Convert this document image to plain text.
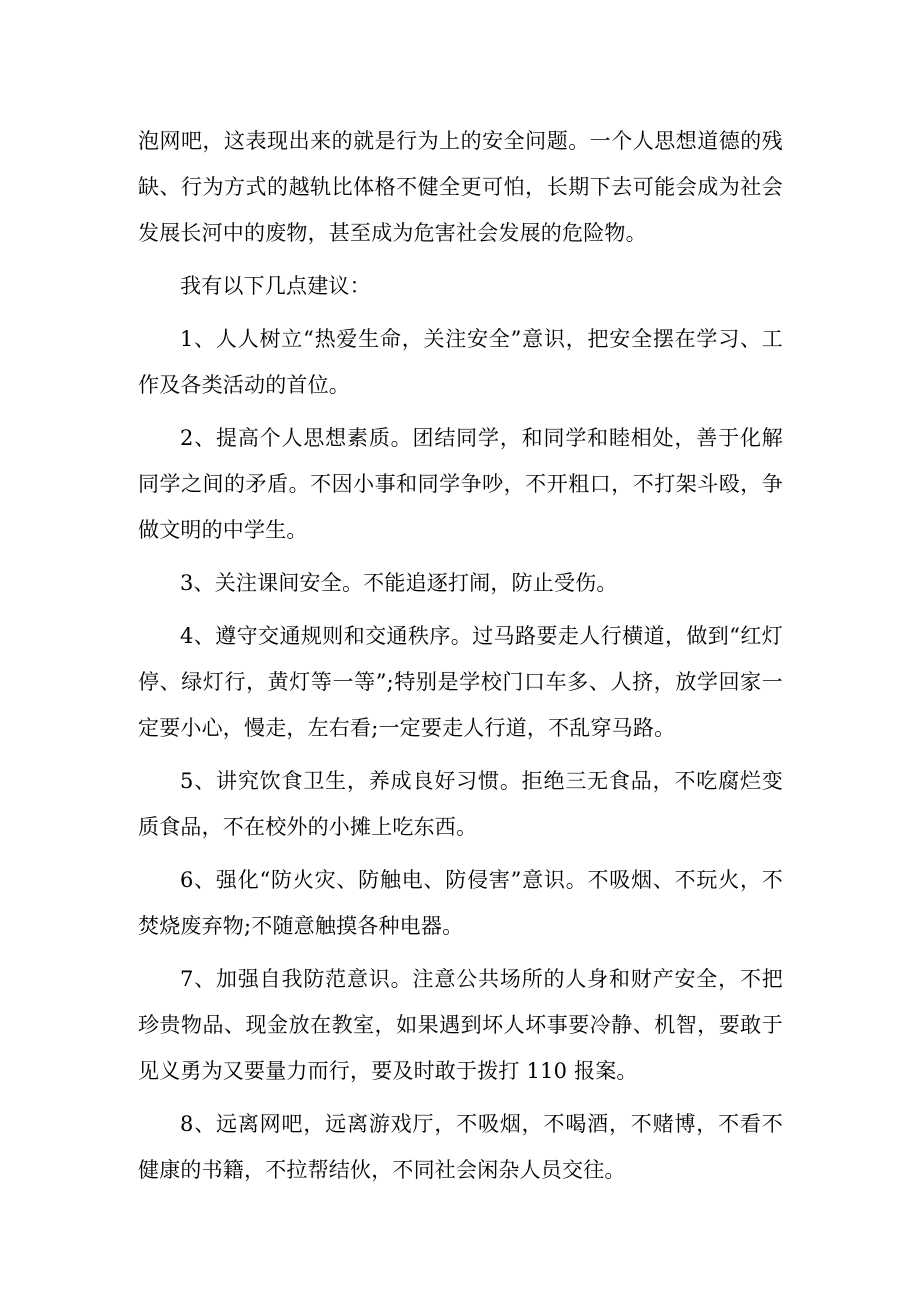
泡网吧，这表现出来的就是行为上的安全问题。一个人思想道德的残缺、行为方式的越轨比体格不健全更可怕，长期下去可能会成为社会发展长河中的废物，甚至成为危害社会发展的危险物。

我有以下几点建议：

1、人人树立“热爱生命，关注安全”意识，把安全摆在学习、工作及各类活动的首位。

2、提高个人思想素质。团结同学，和同学和睦相处，善于化解同学之间的矛盾。不因小事和同学争吵，不开粗口，不打架斗殴，争做文明的中学生。

3、关注课间安全。不能追逐打闹，防止受伤。

4、遵守交通规则和交通秩序。过马路要走人行横道，做到“红灯停、绿灯行，黄灯等一等”;特别是学校门口车多、人挤，放学回家一定要小心，慢走，左右看;一定要走人行道，不乱穿马路。

5、讲究饮食卫生，养成良好习惯。拒绝三无食品，不吃腐烂变质食品，不在校外的小摊上吃东西。

6、强化“防火灾、防触电、防侵害”意识。不吸烟、不玩火，不焚烧废弃物;不随意触摸各种电器。

7、加强自我防范意识。注意公共场所的人身和财产安全，不把珍贵物品、现金放在教室，如果遇到坏人坏事要冷静、机智，要敢于见义勇为又要量力而行，要及时敢于拨打 110 报案。

8、远离网吧，远离游戏厅，不吸烟，不喝酒，不赌博，不看不健康的书籍，不拉帮结伙，不同社会闲杂人员交往。
